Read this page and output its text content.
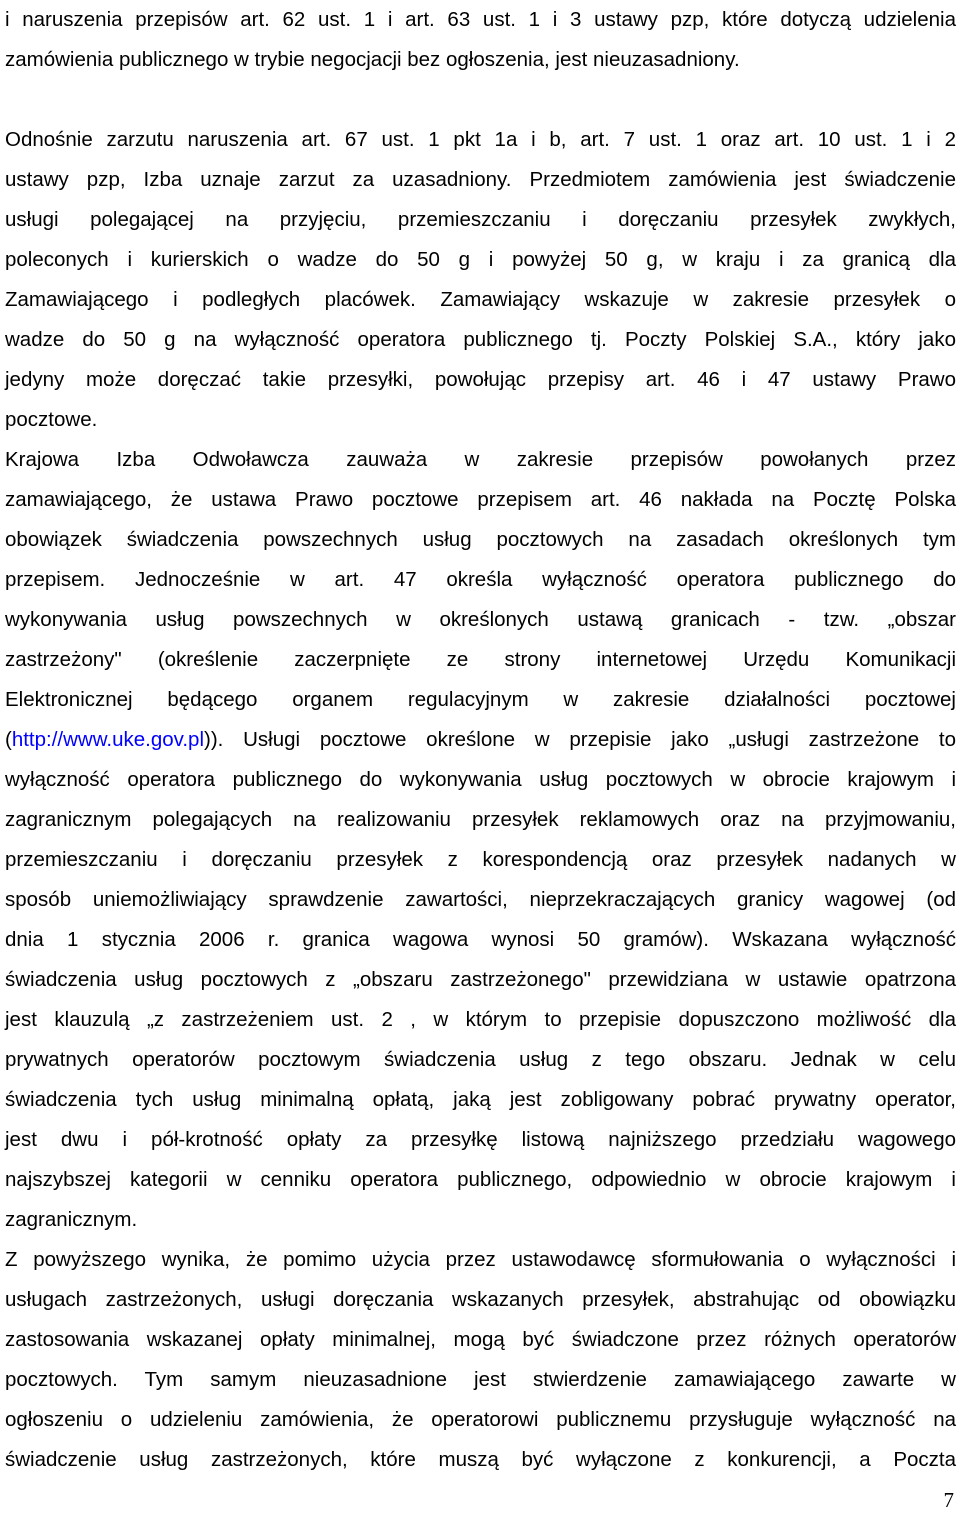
i naruszenia przepisów art. 62 ust. 1 i art. 63 ust. 1 i 3 ustawy pzp, które dotyczą udzielenia
zamówienia publicznego w trybie negocjacji bez ogłoszenia, jest nieuzasadniony.

Odnośnie zarzutu naruszenia art. 67 ust. 1 pkt 1a i b, art. 7 ust. 1 oraz art. 10 ust. 1 i 2
ustawy pzp, Izba uznaje zarzut za uzasadniony. Przedmiotem zamówienia jest świadczenie
usługi polegającej na przyjęciu, przemieszczaniu i doręczaniu przesyłek zwykłych,
poleconych i kurierskich o wadze do 50 g i powyżej 50 g, w kraju i za granicą dla
Zamawiającego i podległych placówek. Zamawiający wskazuje w zakresie przesyłek o
wadze do 50 g na wyłączność operatora publicznego tj. Poczty Polskiej S.A., który jako
jedyny może doręczać takie przesyłki, powołując przepisy art. 46 i 47 ustawy Prawo
pocztowe.
Krajowa Izba Odwoławcza zauważa w zakresie przepisów powołanych przez
zamawiającego, że ustawa Prawo pocztowe przepisem art. 46 nakłada na Pocztę Polska
obowiązek świadczenia powszechnych usług pocztowych na zasadach określonych tym
przepisem. Jednocześnie w art. 47 określa wyłączność operatora publicznego do
wykonywania usług powszechnych w określonych ustawą granicach - tzw. „obszar
zastrzeżony" (określenie zaczerpnięte ze strony internetowej Urzędu Komunikacji
Elektronicznej będącego organem regulacyjnym w zakresie działalności pocztowej
(http://www.uke.gov.pl)). Usługi pocztowe określone w przepisie jako „usługi zastrzeżone to
wyłączność operatora publicznego do wykonywania usług pocztowych w obrocie krajowym i
zagranicznym polegających na realizowaniu przesyłek reklamowych oraz na przyjmowaniu,
przemieszczaniu i doręczaniu przesyłek z korespondencją oraz przesyłek nadanych w
sposób uniemożliwiający sprawdzenie zawartości, nieprzekraczających granicy wagowej (od
dnia 1 stycznia 2006 r. granica wagowa wynosi 50 gramów). Wskazana wyłączność
świadczenia usług pocztowych z „obszaru zastrzeżonego" przewidziana w ustawie opatrzona
jest klauzulą „z zastrzeżeniem ust. 2 , w którym to przepisie dopuszczono możliwość dla
prywatnych operatorów pocztowym świadczenia usług z tego obszaru. Jednak w celu
świadczenia tych usług minimalną opłatą, jaką jest zobligowany pobrać prywatny operator,
jest dwu i pół-krotność opłaty za przesyłkę listową najniższego przedziału wagowego
najszybszej kategorii w cenniku operatora publicznego, odpowiednio w obrocie krajowym i
zagranicznym.
Z powyższego wynika, że pomimo użycia przez ustawodawcę sformułowania o wyłączności i
usługach zastrzeżonych, usługi doręczania wskazanych przesyłek, abstrahując od obowiązku
zastosowania wskazanej opłaty minimalnej, mogą być świadczone przez różnych operatorów
pocztowych. Tym samym nieuzasadnione jest stwierdzenie zamawiającego zawarte w
ogłoszeniu o udzieleniu zamówienia, że operatorowi publicznemu przysługuje wyłączność na
świadczenie usług zastrzeżonych, które muszą być wyłączone z konkurencji, a Poczta
7
